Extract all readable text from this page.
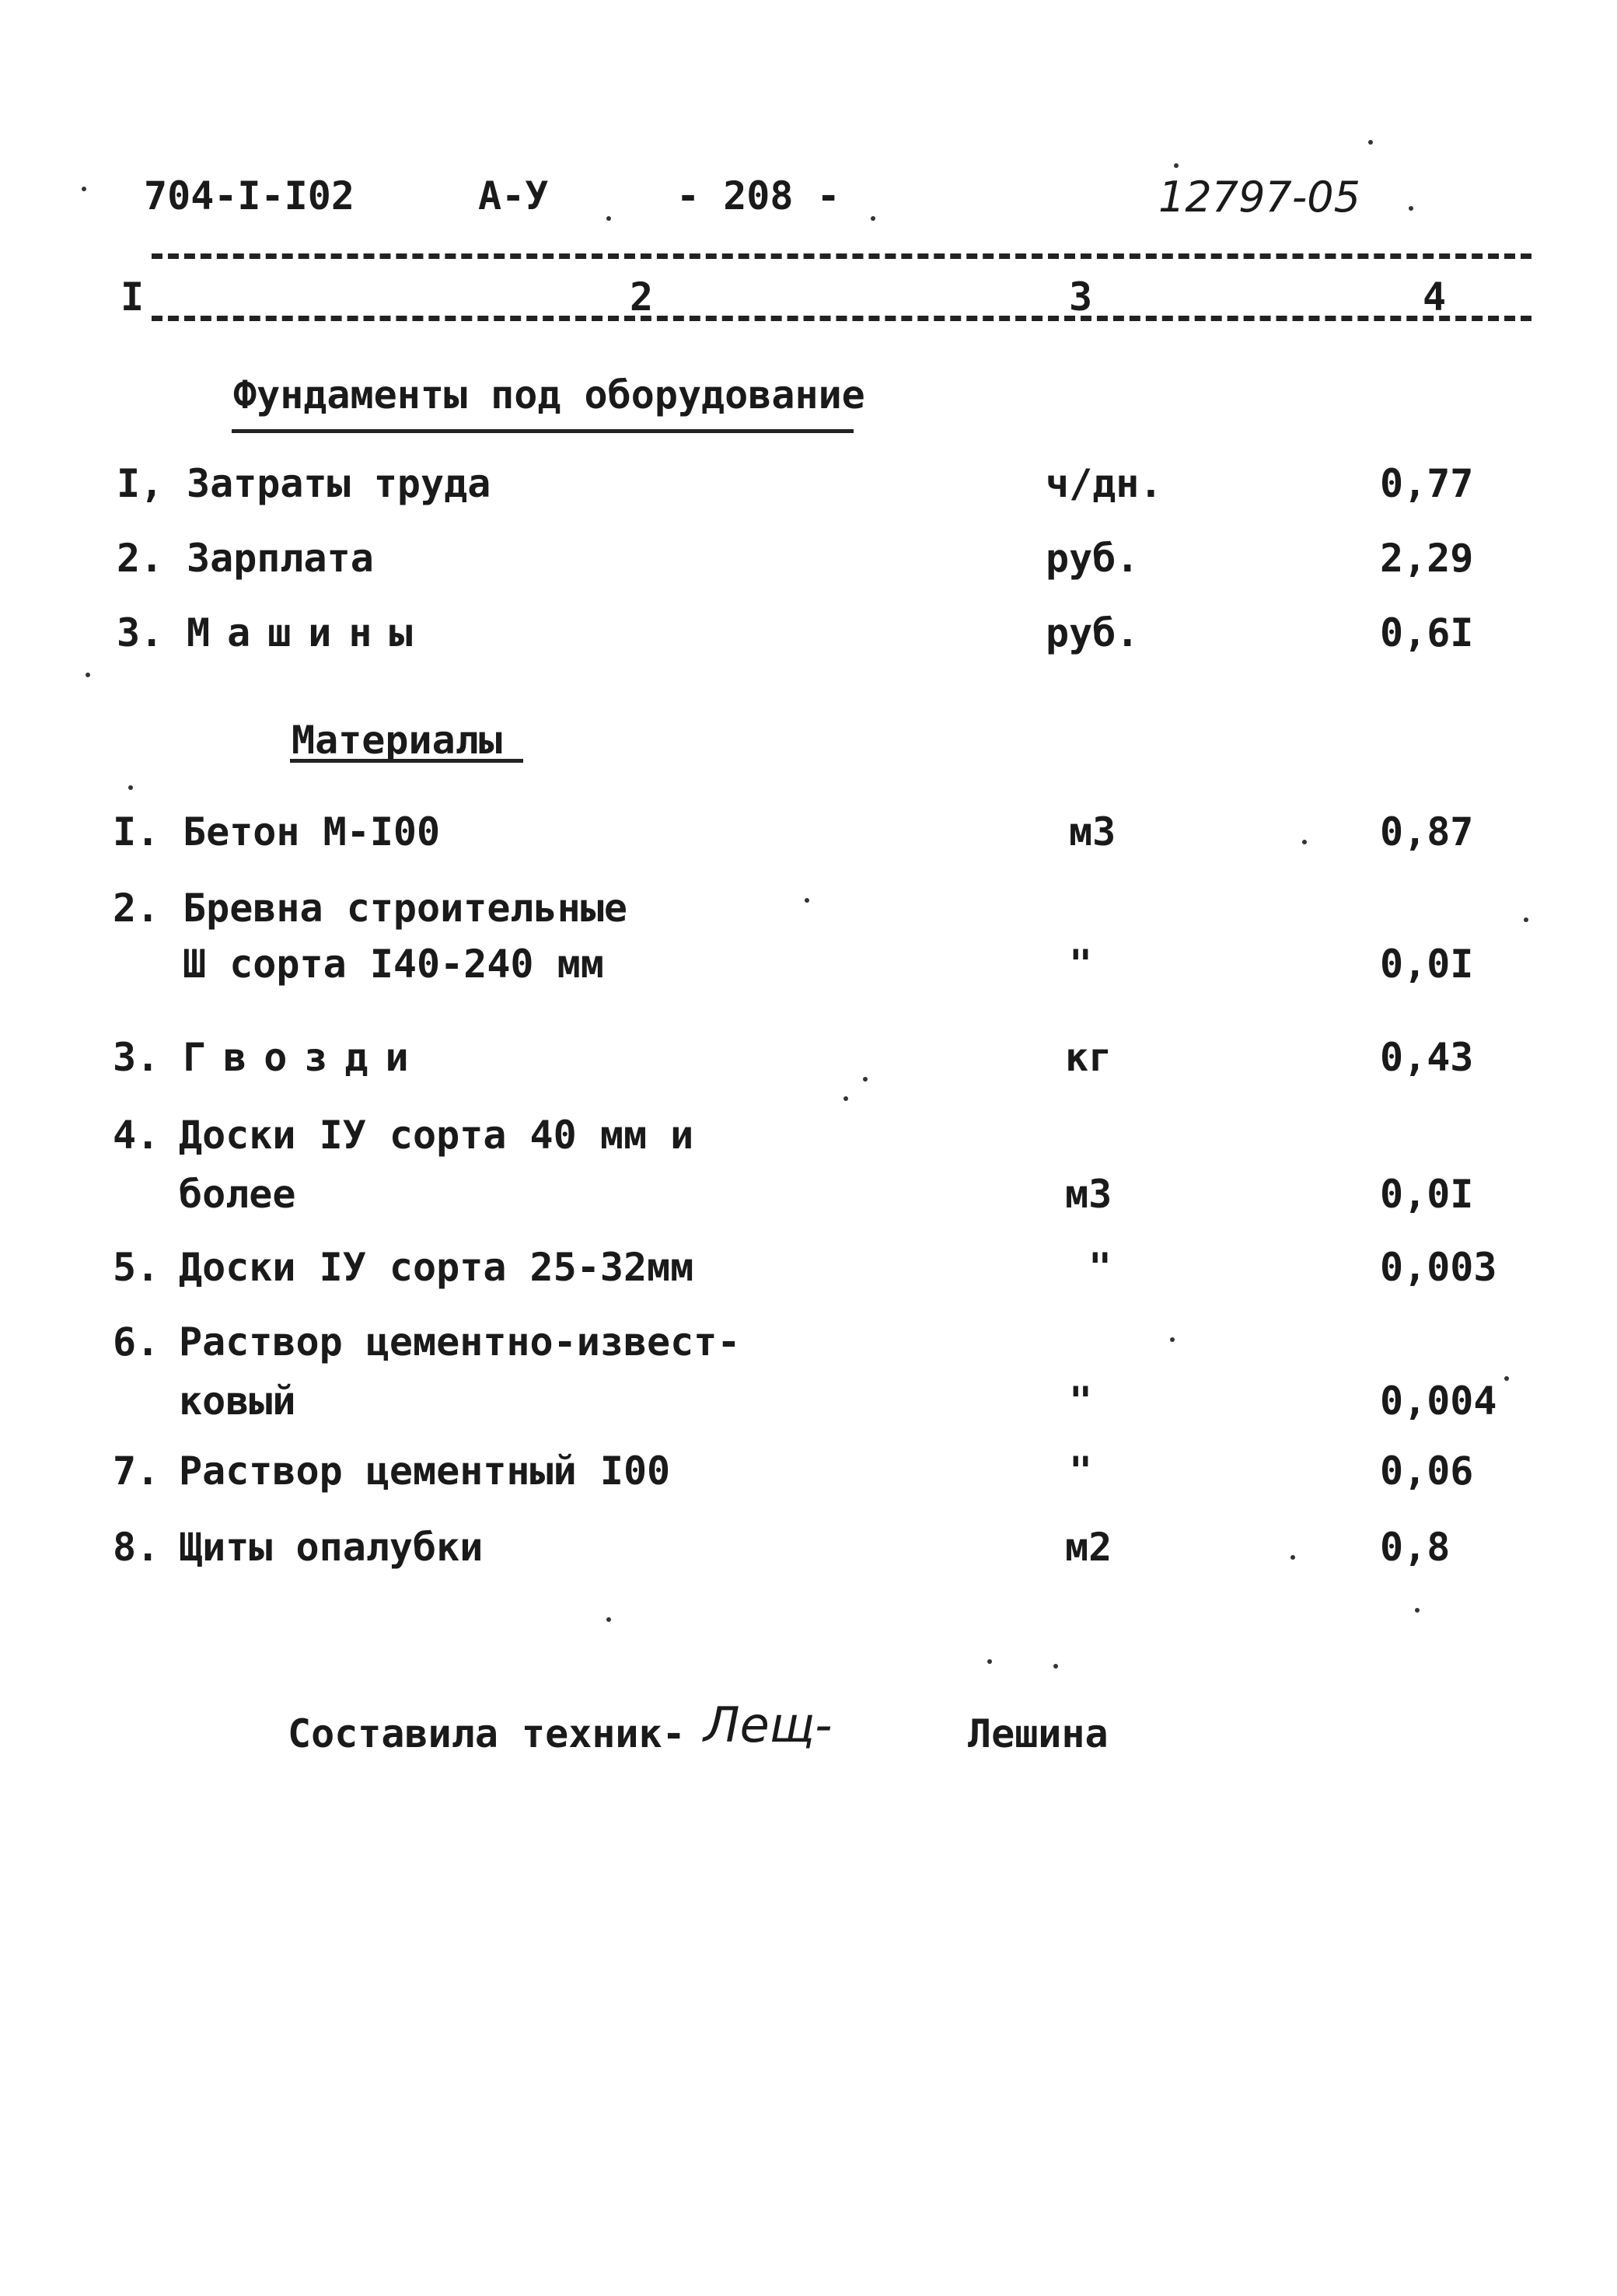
704-I-I02	А-У	- 208 -	12797-05
I	2	3	4
Фундаменты под оборудование
I, Затраты труда	ч/дн.	0,77
2. Зарплата	руб.	2,29
3. Машины	руб.	0,6I
Материалы
I. Бетон М-I00	м3	0,87
2. Бревна строительные
Ш сорта I40-240 мм	"	0,0I
3. Гвозди	кг	0,43
4. Доски IУ сорта 40 мм и
более	м3	0,0I
5. Доски IУ сорта 25-32мм	"	0,003
6. Раствор цементно-извест-
ковый	"	0,004
7. Раствор цементный I00	"	0,06
8. Щиты опалубки	м2	0,8
Составила техник- Лещ-	Лешина
